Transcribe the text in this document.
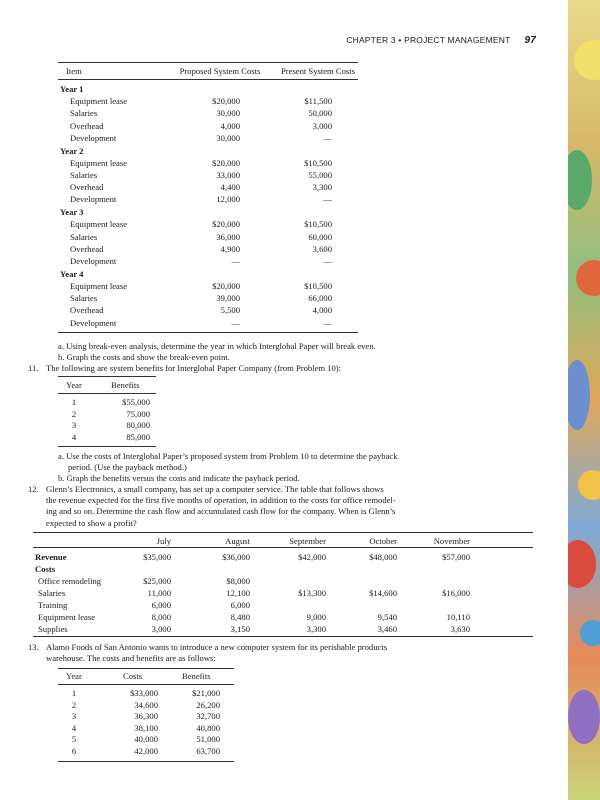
CHAPTER 3 • PROJECT MANAGEMENT 97
Item	Proposed System Costs	Present System Costs
Year 1
Equipment lease	$20,000	$11,500
Salaries	30,000	50,000
Overhead	4,000	3,000
Development	30,000	—
Year 2
Equipment lease	$20,000	$10,500
Salaries	33,000	55,000
Overhead	4,400	3,300
Development	12,000	—
Year 3
Equipment lease	$20,000	$10,500
Salaries	36,000	60,000
Overhead	4,900	3,600
Development	—	—
Year 4
Equipment lease	$20,000	$10,500
Salaries	39,000	66,000
Overhead	5,500	4,000
Development	—	—
a. Using break-even analysis, determine the year in which Interglobal Paper will break even.
b. Graph the costs and show the break-even point.
11. The following are system benefits for Interglobal Paper Company (from Problem 10):
Year	Benefits
1	$55,000
2	75,000
3	80,000
4	85,000
a. Use the costs of Interglobal Paper’s proposed system from Problem 10 to determine the payback
period. (Use the payback method.)
b. Graph the benefits versus the costs and indicate the payback period.
12. Glenn’s Electronics, a small company, has set up a computer service. The table that follows shows
the revenue expected for the first five months of operation, in addition to the costs for office remodel-
ing and so on. Determine the cash flow and accumulated cash flow for the company. When is Glenn’s
expected to show a profit?
July	August	September	October	November
Revenue	$35,000	$36,000	$42,000	$48,000	$57,000
Costs
Office remodeling	$25,000	$8,000
Salaries	11,000	12,100	$13,300	$14,600	$16,000
Training	6,000	6,000
Equipment lease	8,000	8,480	9,000	9,540	10,110
Supplies	3,000	3,150	3,300	3,460	3,630
13. Alamo Foods of San Antonio wants to introduce a new computer system for its perishable products
warehouse. The costs and benefits are as follows:
Year	Costs	Benefits
1	$33,000	$21,000
2	34,600	26,200
3	36,300	32,700
4	38,100	40,800
5	40,000	51,000
6	42,000	63,700
